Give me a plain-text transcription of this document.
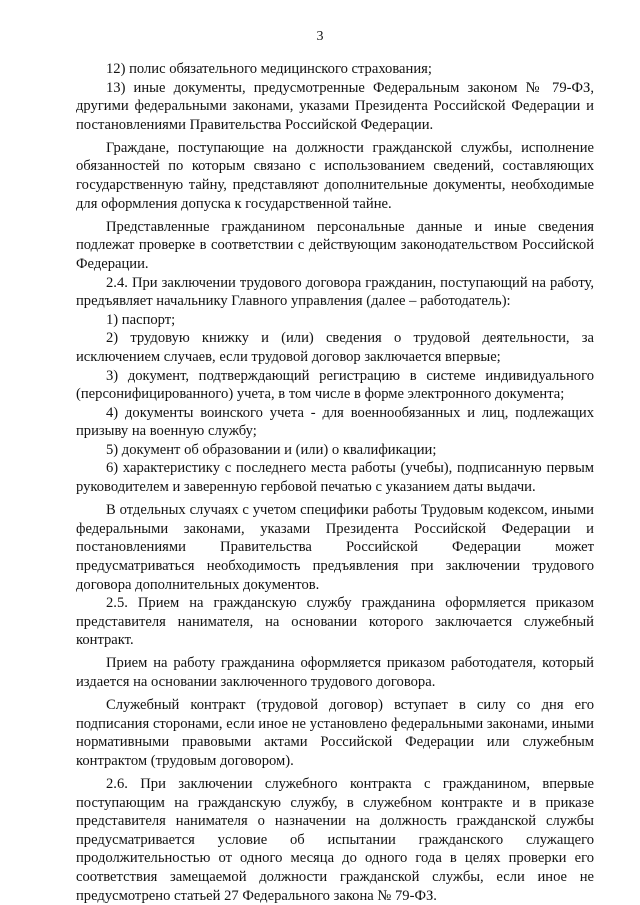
3

12) полис обязательного медицинского страхования;

13) иные документы, предусмотренные Федеральным законом № 79-ФЗ, другими федеральными законами, указами Президента Российской Федерации и постановлениями Правительства Российской Федерации.

Граждане, поступающие на должности гражданской службы, исполнение обязанностей по которым связано с использованием сведений, составляющих государственную тайну, представляют дополнительные документы, необходимые для оформления допуска к государственной тайне.

Представленные гражданином персональные данные и иные сведения подлежат проверке в соответствии с действующим законодательством Российской Федерации.

2.4. При заключении трудового договора гражданин, поступающий на работу, предъявляет начальнику Главного управления (далее – работодатель):

1) паспорт;

2) трудовую книжку и (или) сведения о трудовой деятельности, за исключением случаев, если трудовой договор заключается впервые;

3) документ, подтверждающий регистрацию в системе индивидуального (персонифицированного) учета, в том числе в форме электронного документа;

4) документы воинского учета - для военнообязанных и лиц, подлежащих призыву на военную службу;

5) документ об образовании и (или) о квалификации;

6) характеристику с последнего места работы (учебы), подписанную первым руководителем и заверенную гербовой печатью с указанием даты выдачи.

В отдельных случаях с учетом специфики работы Трудовым кодексом, иными федеральными законами, указами Президента Российской Федерации и постановлениями Правительства Российской Федерации может предусматриваться необходимость предъявления при заключении трудового договора дополнительных документов.

2.5. Прием на гражданскую службу гражданина оформляется приказом представителя нанимателя, на основании которого заключается служебный контракт.

Прием на работу гражданина оформляется приказом работодателя, который издается на основании заключенного трудового договора.

Служебный контракт (трудовой договор) вступает в силу со дня его подписания сторонами, если иное не установлено федеральными законами, иными нормативными правовыми актами Российской Федерации или служебным контрактом (трудовым договором).

2.6. При заключении служебного контракта с гражданином, впервые поступающим на гражданскую службу, в служебном контракте и в приказе представителя нанимателя о назначении на должность гражданской службы предусматривается условие об испытании гражданского служащего продолжительностью от одного месяца до одного года в целях проверки его соответствия замещаемой должности гражданской службы, если иное не предусмотрено статьей 27 Федерального закона № 79-ФЗ.
